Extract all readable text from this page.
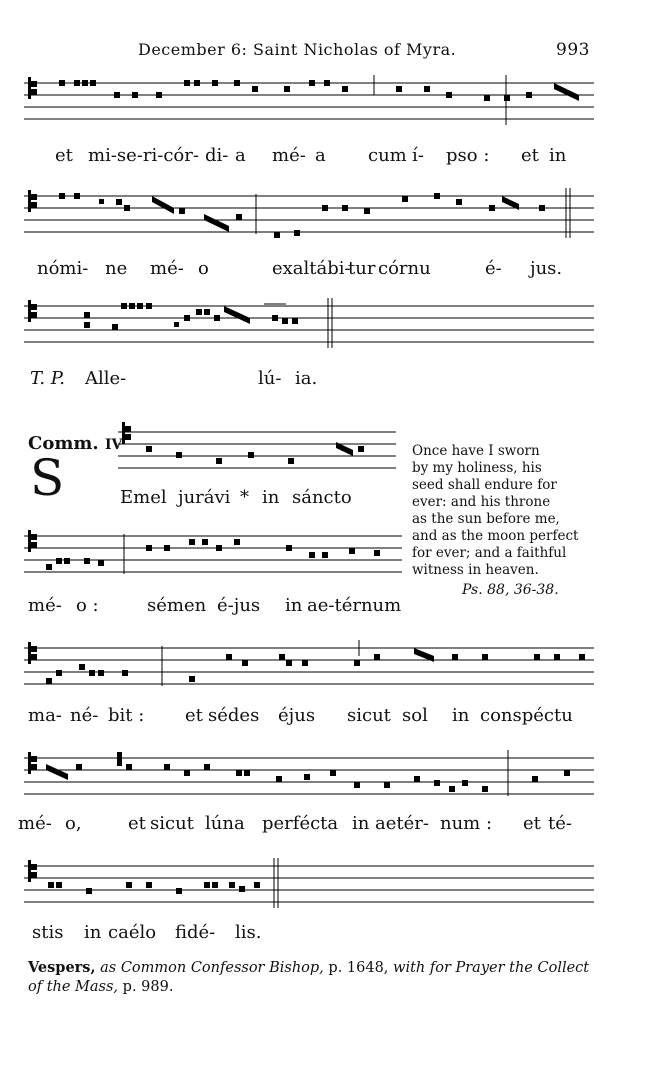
December 6: Saint Nicholas of Myra.	993
et mi-se-ri-cór- di- a mé- a cum í- pso : et in
nómi- ne mé- o	exaltábi-
tur córnu	é- jus.
T. P. Alle-	lú- ia.
Comm. IV
S	Emel jurávi * in sáncto
Once have I sworn
by my holiness, his
seed shall endure for
ever: and his throne
as the sun before me,
and as the moon perfect
for ever; and a faithful
witness in heaven.
Ps. 88, 36-38.
mé- o :	sémen é-jus in ae-térnum
ma- né- bit : et sédes éjus sicut sol in conspéctu
mé- o,	et sicut lúna perfécta in aetér- num : et té-
stis in caélo fidé- lis.
Vespers, as Common Confessor Bishop, p. 1648, with for Prayer the Collect of the Mass, p. 989.
